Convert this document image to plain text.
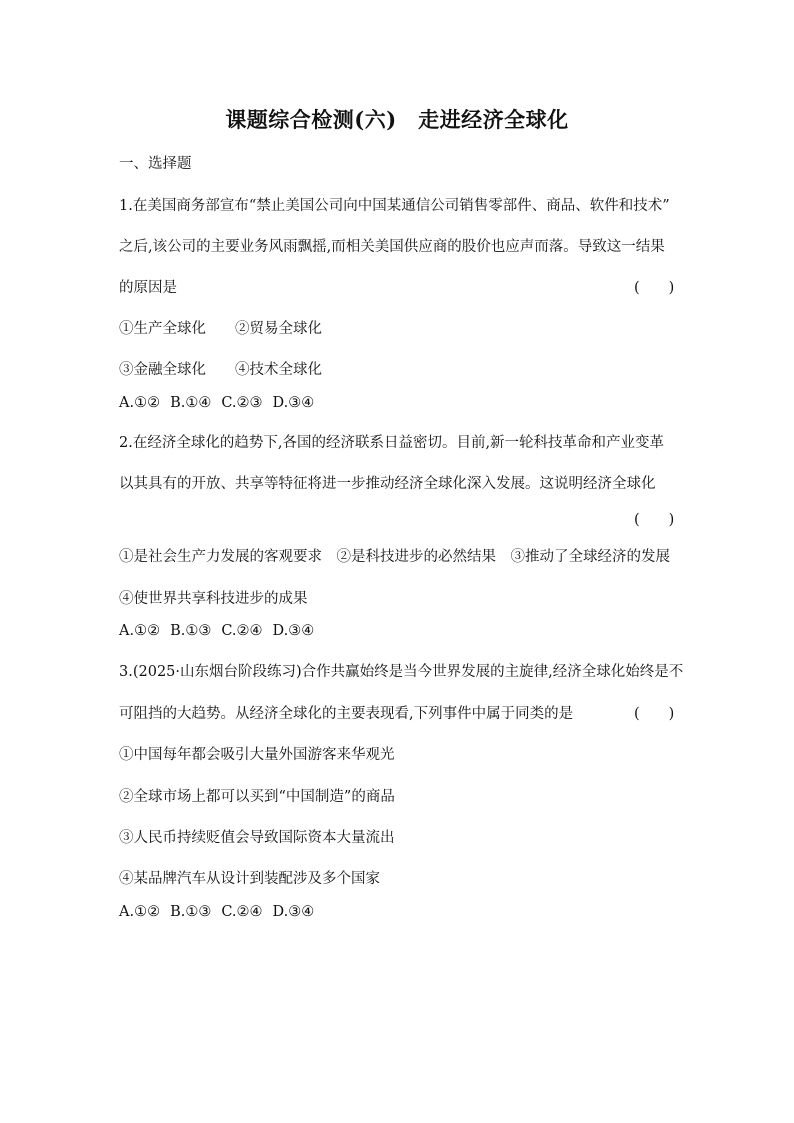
课题综合检测(六)　走进经济全球化
一、选择题
1.在美国商务部宣布“禁止美国公司向中国某通信公司销售零部件、商品、软件和技术”
之后,该公司的主要业务风雨飘摇,而相关美国供应商的股价也应声而落。导致这一结果
的原因是	(　　)
①生产全球化　　②贸易全球化
③金融全球化　　④技术全球化
A.①② B.①④ C.②③ D.③④
2.在经济全球化的趋势下,各国的经济联系日益密切。目前,新一轮科技革命和产业变革
以其具有的开放、共享等特征将进一步推动经济全球化深入发展。这说明经济全球化
(　　)
①是社会生产力发展的客观要求　②是科技进步的必然结果　③推动了全球经济的发展
④使世界共享科技进步的成果
A.①② B.①③ C.②④ D.③④
3.(2025·山东烟台阶段练习)合作共赢始终是当今世界发展的主旋律,经济全球化始终是不
可阻挡的大趋势。从经济全球化的主要表现看,下列事件中属于同类的是	(　　)
①中国每年都会吸引大量外国游客来华观光
②全球市场上都可以买到“中国制造”的商品
③人民币持续贬值会导致国际资本大量流出
④某品牌汽车从设计到装配涉及多个国家
A.①② B.①③ C.②④ D.③④
